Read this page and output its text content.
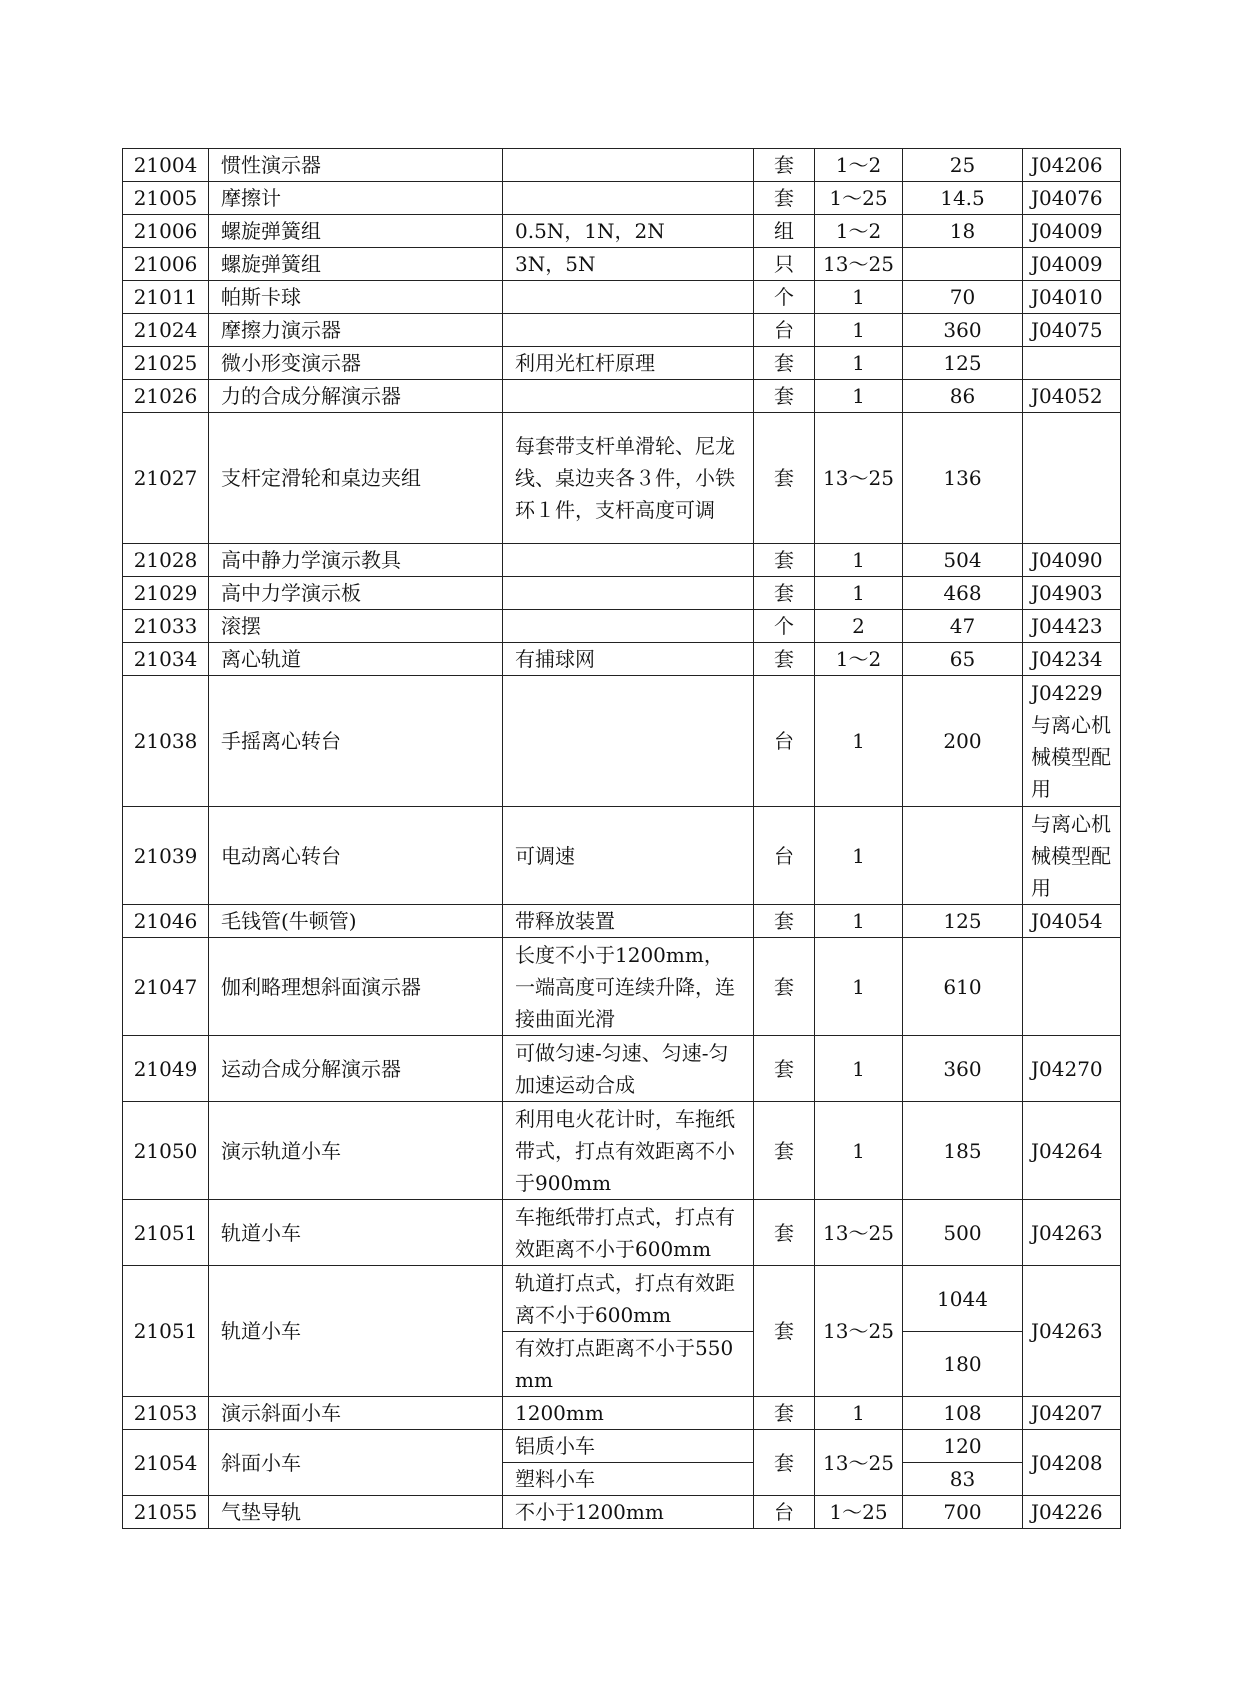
21004	惯性演示器		套	1～2	25	J04206
21005	摩擦计		套	1～25	14.5	J04076
21006	螺旋弹簧组	0.5N，1N，2N	组	1～2	18	J04009
21006	螺旋弹簧组	3N，5N	只	13～25		J04009
21011	帕斯卡球		个	1	70	J04010
21024	摩擦力演示器		台	1	360	J04075
21025	微小形变演示器	利用光杠杆原理	套	1	125	
21026	力的合成分解演示器		套	1	86	J04052
21027	支杆定滑轮和桌边夹组	每套带支杆单滑轮、尼龙线、桌边夹各３件，小铁环１件，支杆高度可调	套	13～25	136	
21028	高中静力学演示教具		套	1	504	J04090
21029	高中力学演示板		套	1	468	J04903
21033	滚摆		个	2	47	J04423
21034	离心轨道	有捕球网	套	1～2	65	J04234
21038	手摇离心转台		台	1	200	J04229与离心机械模型配用
21039	电动离心转台	可调速	台	1		与离心机械模型配用
21046	毛钱管(牛顿管)	带释放装置	套	1	125	J04054
21047	伽利略理想斜面演示器	长度不小于1200mm，一端高度可连续升降，连接曲面光滑	套	1	610	
21049	运动合成分解演示器	可做匀速-匀速、匀速-匀加速运动合成	套	1	360	J04270
21050	演示轨道小车	利用电火花计时，车拖纸带式，打点有效距离不小于900mm	套	1	185	J04264
21051	轨道小车	车拖纸带打点式，打点有效距离不小于600mm	套	13～25	500	J04263
21051	轨道小车	轨道打点式，打点有效距离不小于600mm	套	13～25	1044	J04263
		有效打点距离不小于550mm			180	
21053	演示斜面小车	1200mm	套	1	108	J04207
21054	斜面小车	铝质小车	套	13～25	120	J04208
		塑料小车			83	
21055	气垫导轨	不小于1200mm	台	1～25	700	J04226
